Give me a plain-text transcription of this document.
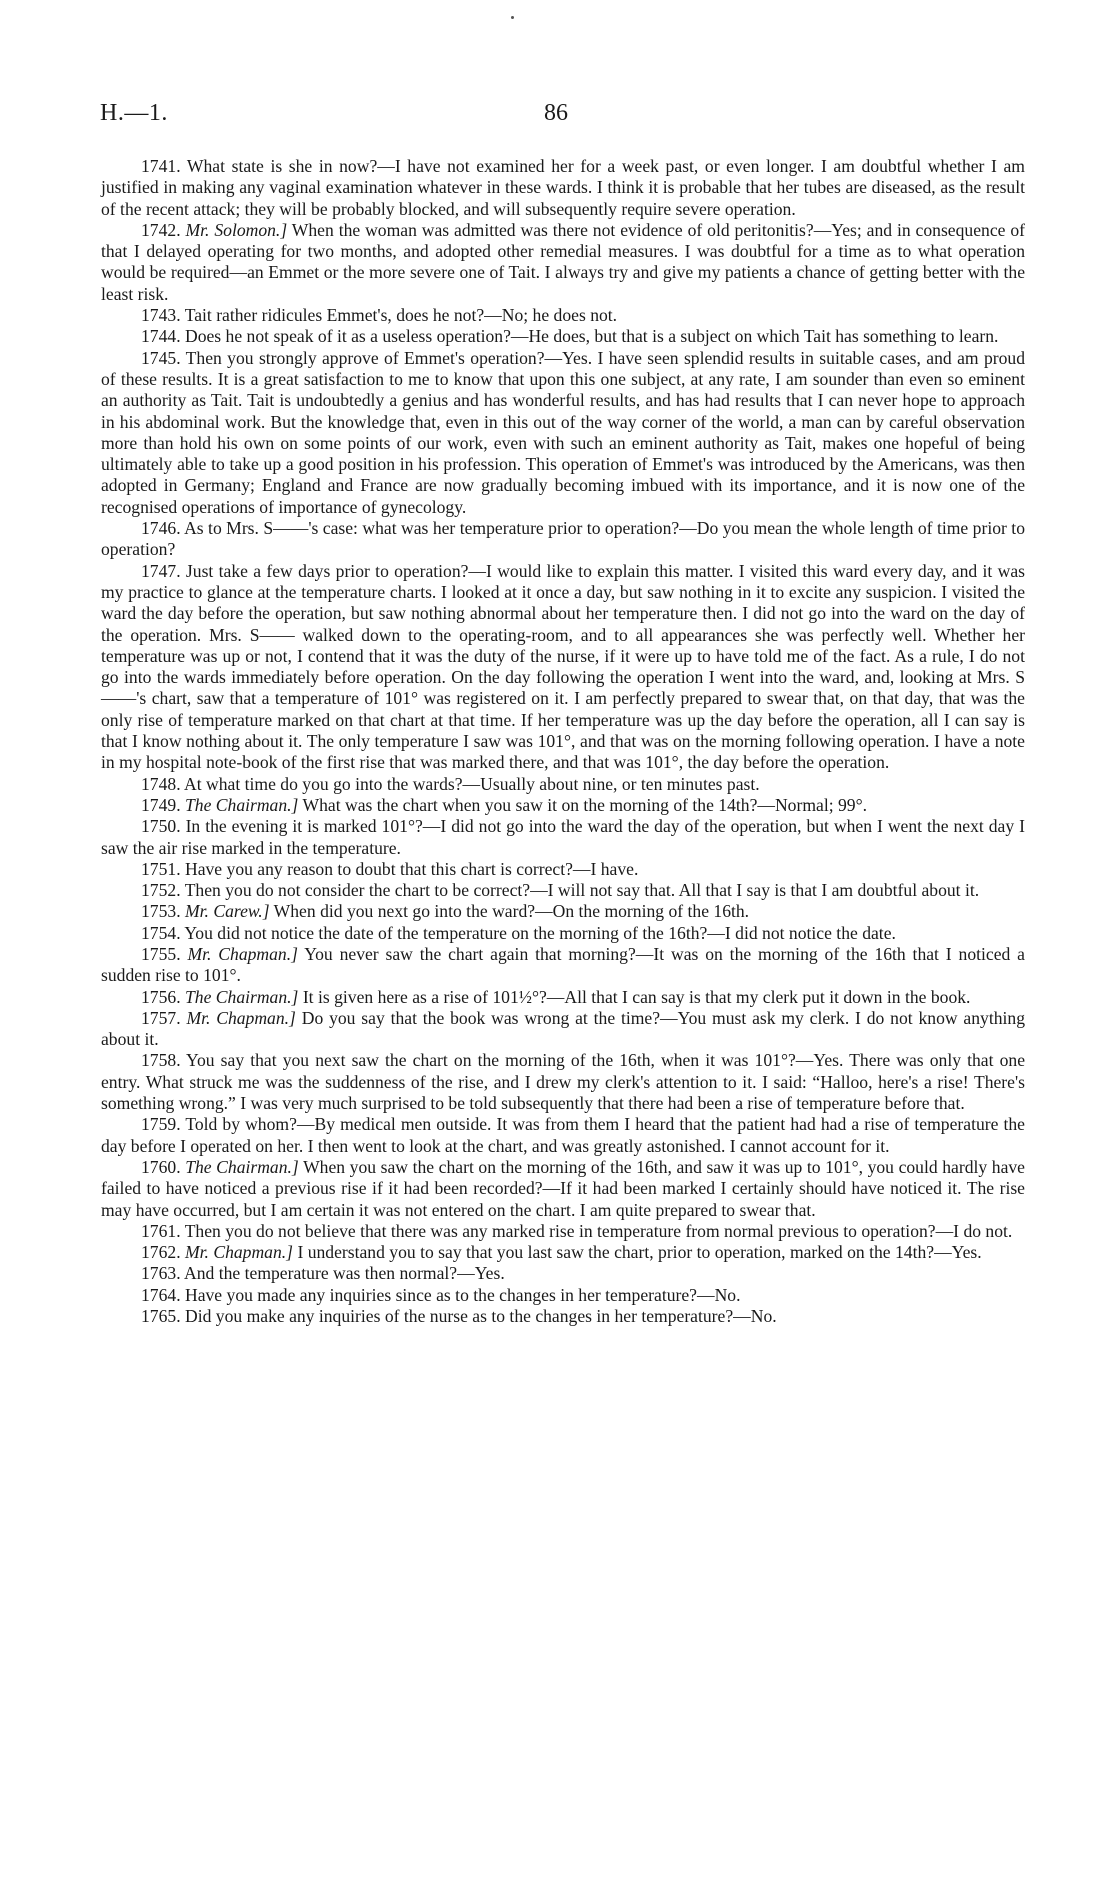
H.—1.	86

1741. What state is she in now?—I have not examined her for a week past, or even longer. I am doubtful whether I am justified in making any vaginal examination whatever in these wards. I think it is probable that her tubes are diseased, as the result of the recent attack; they will be probably blocked, and will subsequently require severe operation.

1742. Mr. Solomon.] When the woman was admitted was there not evidence of old peritonitis?—Yes; and in consequence of that I delayed operating for two months, and adopted other remedial measures. I was doubtful for a time as to what operation would be required—an Emmet or the more severe one of Tait. I always try and give my patients a chance of getting better with the least risk.

1743. Tait rather ridicules Emmet's, does he not?—No; he does not.

1744. Does he not speak of it as a useless operation?—He does, but that is a subject on which Tait has something to learn.

1745. Then you strongly approve of Emmet's operation?—Yes. I have seen splendid results in suitable cases, and am proud of these results. It is a great satisfaction to me to know that upon this one subject, at any rate, I am sounder than even so eminent an authority as Tait. Tait is undoubtedly a genius and has wonderful results, and has had results that I can never hope to approach in his abdominal work. But the knowledge that, even in this out of the way corner of the world, a man can by careful observation more than hold his own on some points of our work, even with such an eminent authority as Tait, makes one hopeful of being ultimately able to take up a good position in his profession. This operation of Emmet's was introduced by the Americans, was then adopted in Germany; England and France are now gradually becoming imbued with its importance, and it is now one of the recognised operations of importance of gynecology.

1746. As to Mrs. S——'s case: what was her temperature prior to operation?—Do you mean the whole length of time prior to operation?

1747. Just take a few days prior to operation?—I would like to explain this matter. I visited this ward every day, and it was my practice to glance at the temperature charts. I looked at it once a day, but saw nothing in it to excite any suspicion. I visited the ward the day before the operation, but saw nothing abnormal about her temperature then. I did not go into the ward on the day of the operation. Mrs. S—— walked down to the operating-room, and to all appearances she was perfectly well. Whether her temperature was up or not, I contend that it was the duty of the nurse, if it were up to have told me of the fact. As a rule, I do not go into the wards immediately before operation. On the day following the operation I went into the ward, and, looking at Mrs. S——'s chart, saw that a temperature of 101° was registered on it. I am perfectly prepared to swear that, on that day, that was the only rise of temperature marked on that chart at that time. If her temperature was up the day before the operation, all I can say is that I know nothing about it. The only temperature I saw was 101°, and that was on the morning following operation. I have a note in my hospital note-book of the first rise that was marked there, and that was 101°, the day before the operation.

1748. At what time do you go into the wards?—Usually about nine, or ten minutes past.

1749. The Chairman.] What was the chart when you saw it on the morning of the 14th?—Normal; 99°.

1750. In the evening it is marked 101°?—I did not go into the ward the day of the operation, but when I went the next day I saw the air rise marked in the temperature.

1751. Have you any reason to doubt that this chart is correct?—I have.

1752. Then you do not consider the chart to be correct?—I will not say that. All that I say is that I am doubtful about it.

1753. Mr. Carew.] When did you next go into the ward?—On the morning of the 16th.

1754. You did not notice the date of the temperature on the morning of the 16th?—I did not notice the date.

1755. Mr. Chapman.] You never saw the chart again that morning?—It was on the morning of the 16th that I noticed a sudden rise to 101°.

1756. The Chairman.] It is given here as a rise of 101½°?—All that I can say is that my clerk put it down in the book.

1757. Mr. Chapman.] Do you say that the book was wrong at the time?—You must ask my clerk. I do not know anything about it.

1758. You say that you next saw the chart on the morning of the 16th, when it was 101°?—Yes. There was only that one entry. What struck me was the suddenness of the rise, and I drew my clerk's attention to it. I said: “Halloo, here's a rise! There's something wrong.” I was very much surprised to be told subsequently that there had been a rise of temperature before that.

1759. Told by whom?—By medical men outside. It was from them I heard that the patient had had a rise of temperature the day before I operated on her. I then went to look at the chart, and was greatly astonished. I cannot account for it.

1760. The Chairman.] When you saw the chart on the morning of the 16th, and saw it was up to 101°, you could hardly have failed to have noticed a previous rise if it had been recorded?—If it had been marked I certainly should have noticed it. The rise may have occurred, but I am certain it was not entered on the chart. I am quite prepared to swear that.

1761. Then you do not believe that there was any marked rise in temperature from normal previous to operation?—I do not.

1762. Mr. Chapman.] I understand you to say that you last saw the chart, prior to operation, marked on the 14th?—Yes.

1763. And the temperature was then normal?—Yes.

1764. Have you made any inquiries since as to the changes in her temperature?—No.

1765. Did you make any inquiries of the nurse as to the changes in her temperature?—No.
